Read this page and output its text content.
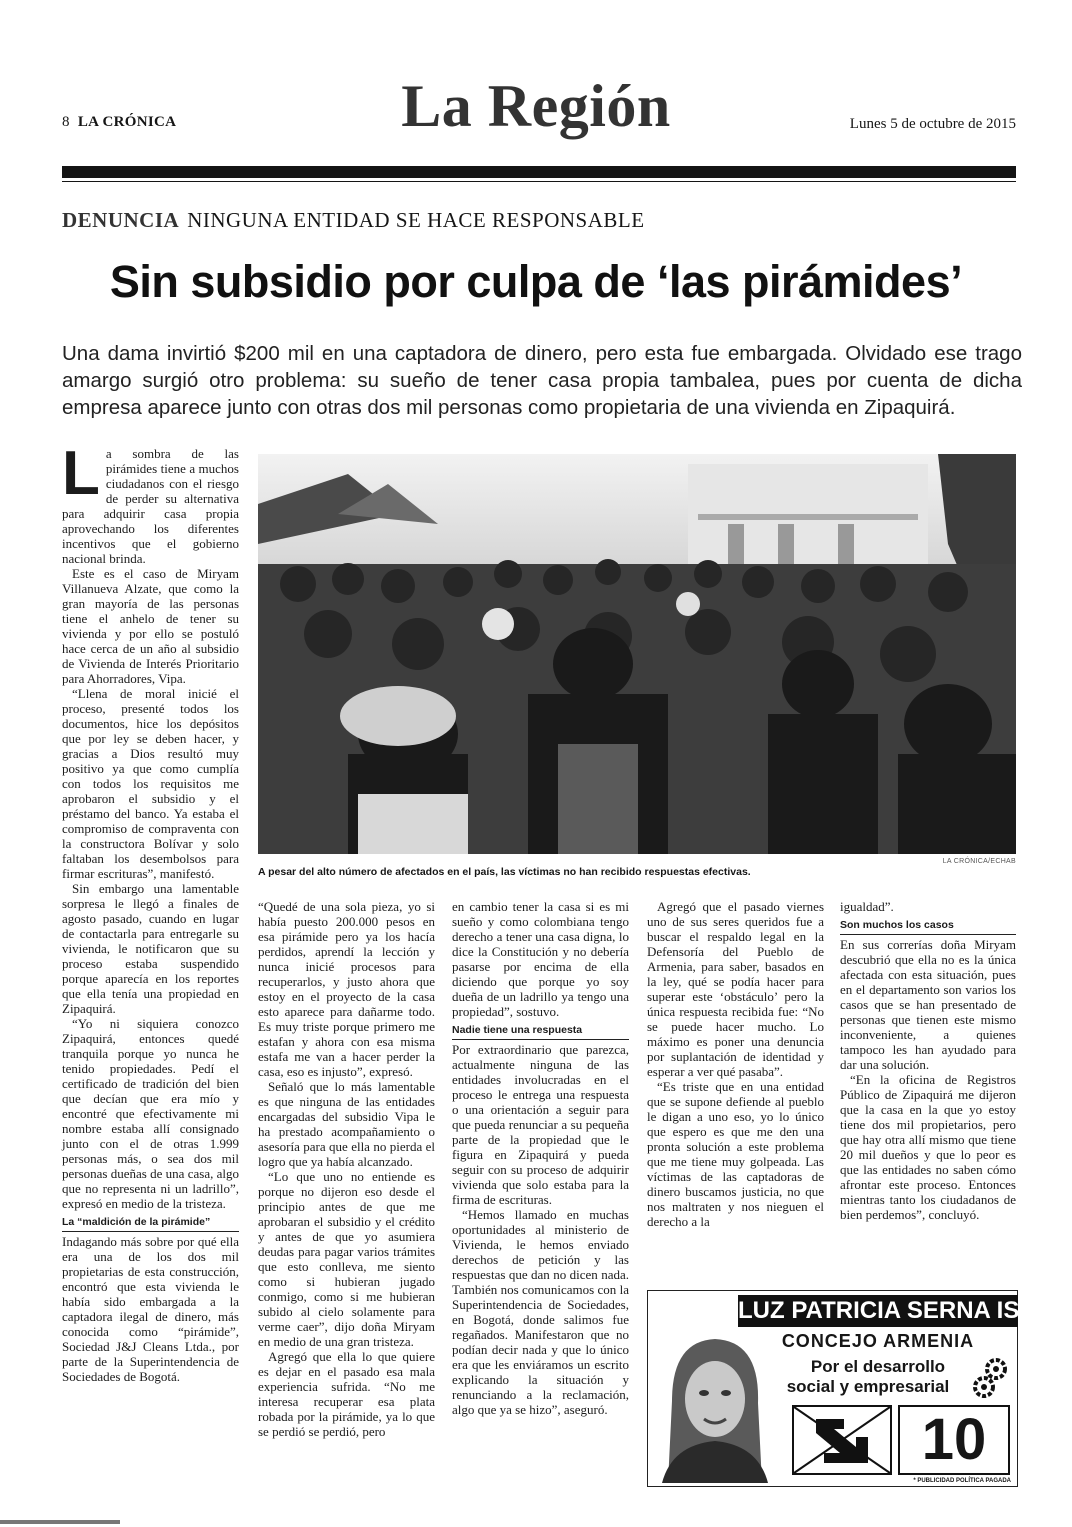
8 LA CRÓNICA	La Región	Lunes 5 de octubre de 2015
DENUNCIA NINGUNA ENTIDAD SE HACE RESPONSABLE
Sin subsidio por culpa de ‘las pirámides’
Una dama invirtió $200 mil en una captadora de dinero, pero esta fue embargada. Olvidado ese trago amargo surgió otro problema: su sueño de tener casa propia tambalea, pues por cuenta de dicha empresa aparece junto con otras dos mil personas como propietaria de una vivienda en Zipaquirá.
A pesar del alto número de afectados en el país, las víctimas no han recibido respuestas efectivas.
LA CRÓNICA/ECHAB
L a sombra de las pirámides tiene a muchos ciudadanos con el riesgo de perder su alternativa para adquirir casa propia aprovechando los diferentes incentivos que el gobierno nacional brinda.

Este es el caso de Miryam Villanueva Alzate, que como la gran mayoría de las personas tiene el anhelo de tener su vivienda y por ello se postuló hace cerca de un año al subsidio de Vivienda de Interés Prioritario para Ahorradores, Vipa.

“Llena de moral inicié el proceso, presenté todos los documentos, hice los depósitos que por ley se deben hacer, y gracias a Dios resultó muy positivo ya que como cumplía con todos los requisitos me aprobaron el subsidio y el préstamo del banco. Ya estaba el compromiso de compraventa con la constructora Bolívar y solo faltaban los desembolsos para firmar escrituras”, manifestó.

Sin embargo una lamentable sorpresa le llegó a finales de agosto pasado, cuando en lugar de contactarla para entregarle su vivienda, le notificaron que su proceso estaba suspendido porque aparecía en los reportes que ella tenía una propiedad en Zipaquirá.

“Yo ni siquiera conozco Zipaquirá, entonces quedé tranquila porque yo nunca he tenido propiedades. Pedí el certificado de tradición del bien que decían que era mío y encontré que efectivamente mi nombre estaba allí consignado junto con el de otras 1.999 personas más, o sea dos mil personas dueñas de una casa, algo que no representa ni un ladrillo”, expresó en medio de la tristeza.

La “maldición de la pirámide”

Indagando más sobre por qué ella era una de los dos mil propietarias de esta construcción, encontró que esta vivienda le había sido embargada a la captadora ilegal de dinero, más conocida como “pirámide”, Sociedad J&J Cleans Ltda., por parte de la Superintendencia de Sociedades de Bogotá.

“Quedé de una sola pieza, yo si había puesto 200.000 pesos en esa pirámide pero ya los hacía perdidos, aprendí la lección y nunca inicié procesos para recuperarlos, y justo ahora que estoy en el proyecto de la casa esto aparece para dañarme todo. Es muy triste porque primero me estafan y ahora con esa misma estafa me van a hacer perder la casa, eso es injusto”, expresó.

Señaló que lo más lamentable es que ninguna de las entidades encargadas del subsidio Vipa le ha prestado acompañamiento o asesoría para que ella no pierda el logro que ya había alcanzado.

“Lo que uno no entiende es porque no dijeron eso desde el principio antes de que me aprobaran el subsidio y el crédito y antes de que yo asumiera deudas para pagar varios trámites que esto conlleva, me siento como si hubieran jugado conmigo, como si me hubieran subido al cielo solamente para verme caer”, dijo doña Miryam en medio de una gran tristeza.

Agregó que ella lo que quiere es dejar en el pasado esa mala experiencia sufrida. “No me interesa recuperar esa plata robada por la pirámide, ya lo que se perdió se perdió, pero

en cambio tener la casa si es mi sueño y como colombiana tengo derecho a tener una casa digna, lo dice la Constitución y no debería pasarse por encima de ella diciendo que porque yo soy dueña de un ladrillo ya tengo una propiedad”, sostuvo.

Nadie tiene una respuesta

Por extraordinario que parezca, actualmente ninguna de las entidades involucradas en el proceso le entrega una respuesta o una orientación a seguir para que pueda renunciar a su pequeña parte de la propiedad que le figura en Zipaquirá y pueda seguir con su proceso de adquirir vivienda que solo estaba para la firma de escrituras.

“Hemos llamado en muchas oportunidades al ministerio de Vivienda, le hemos enviado derechos de petición y las respuestas que dan no dicen nada. También nos comunicamos con la Superintendencia de Sociedades, en Bogotá, donde salimos fue regañados. Manifestaron que no podían decir nada y que lo único era que les enviáramos un escrito explicando la situación y renunciando a la reclamación, algo que ya se hizo”, aseguró.

Agregó que el pasado viernes uno de sus seres queridos fue a buscar el respaldo legal en la Defensoría del Pueblo de Armenia, para saber, basados en la ley, qué se podía hacer para superar este ‘obstáculo’ pero la única respuesta recibida fue: “No se puede hacer mucho. Lo máximo es poner una denuncia por suplantación de identidad y esperar a ver qué pasaba”.

“Es triste que en una entidad que se supone defiende al pueblo le digan a uno eso, yo lo único que espero es que me den una pronta solución a este problema que me tiene muy golpeada. Las víctimas de las captadoras de dinero buscamos justicia, no que nos maltraten y nos nieguen el derecho a la

igualdad”.

Son muchos los casos

En sus correrías doña Miryam descubrió que ella no es la única afectada con esta situación, pues en el departamento son varios los casos que se han presentado de personas que tienen este mismo inconveniente, a quienes tampoco les han ayudado para dar una solución.

“En la oficina de Registros Público de Zipaquirá me dijeron que la casa en la que yo estoy tiene dos mil propietarios, pero que hay otra allí mismo que tiene 20 mil dueños y que lo peor es que las entidades no saben cómo afrontar este proceso. Entonces mientras tanto los ciudadanos de bien perdemos”, concluyó.

LUZ PATRICIA SERNA ISAZA
CONCEJO ARMENIA
Por el desarrollo
social y empresarial
10
* PUBLICIDAD POLÍTICA PAGADA
